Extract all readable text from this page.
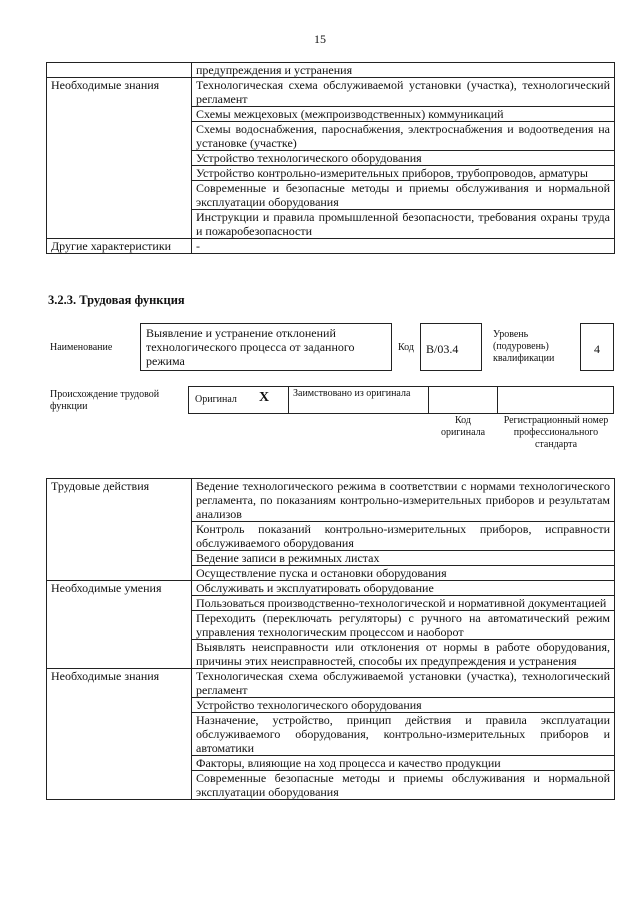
15
	предупреждения и устранения
Необходимые знания	Технологическая схема обслуживаемой установки (участка), технологический регламент
	Схемы межцеховых (межпроизводственных) коммуникаций
	Схемы водоснабжения, пароснабжения, электроснабжения и водоотведения на установке (участке)
	Устройство технологического оборудования
	Устройство контрольно-измерительных приборов, трубопроводов, арматуры
	Современные и безопасные методы и приемы обслуживания и нормальной эксплуатации оборудования
	Инструкции и правила промышленной безопасности, требования охраны труда и пожаробезопасности
Другие характеристики	-
3.2.3. Трудовая функция
Наименование
Выявление и устранение отклонений технологического процесса от заданного режима
Код	B/03.4
Уровень (подуровень) квалификации
4
Происхождение трудовой функции
Оригинал X Заимствовано из оригинала
Код оригинала
Регистрационный номер профессионального стандарта
Трудовые действия	Ведение технологического режима в соответствии с нормами технологического регламента, по показаниям контрольно-измерительных приборов и результатам анализов
	Контроль показаний контрольно-измерительных приборов, исправности обслуживаемого оборудования
	Ведение записи в режимных листах
	Осуществление пуска и остановки оборудования
Необходимые умения	Обслуживать и эксплуатировать оборудование
	Пользоваться производственно-технологической и нормативной документацией
	Переходить (переключать регуляторы) с ручного на автоматический режим управления технологическим процессом и наоборот
	Выявлять неисправности или отклонения от нормы в работе оборудования, причины этих неисправностей, способы их предупреждения и устранения
Необходимые знания	Технологическая схема обслуживаемой установки (участка), технологический регламент
	Устройство технологического оборудования
	Назначение, устройство, принцип действия и правила эксплуатации обслуживаемого оборудования, контрольно-измерительных приборов и автоматики
	Факторы, влияющие на ход процесса и качество продукции
	Современные безопасные методы и приемы обслуживания и нормальной эксплуатации оборудования
